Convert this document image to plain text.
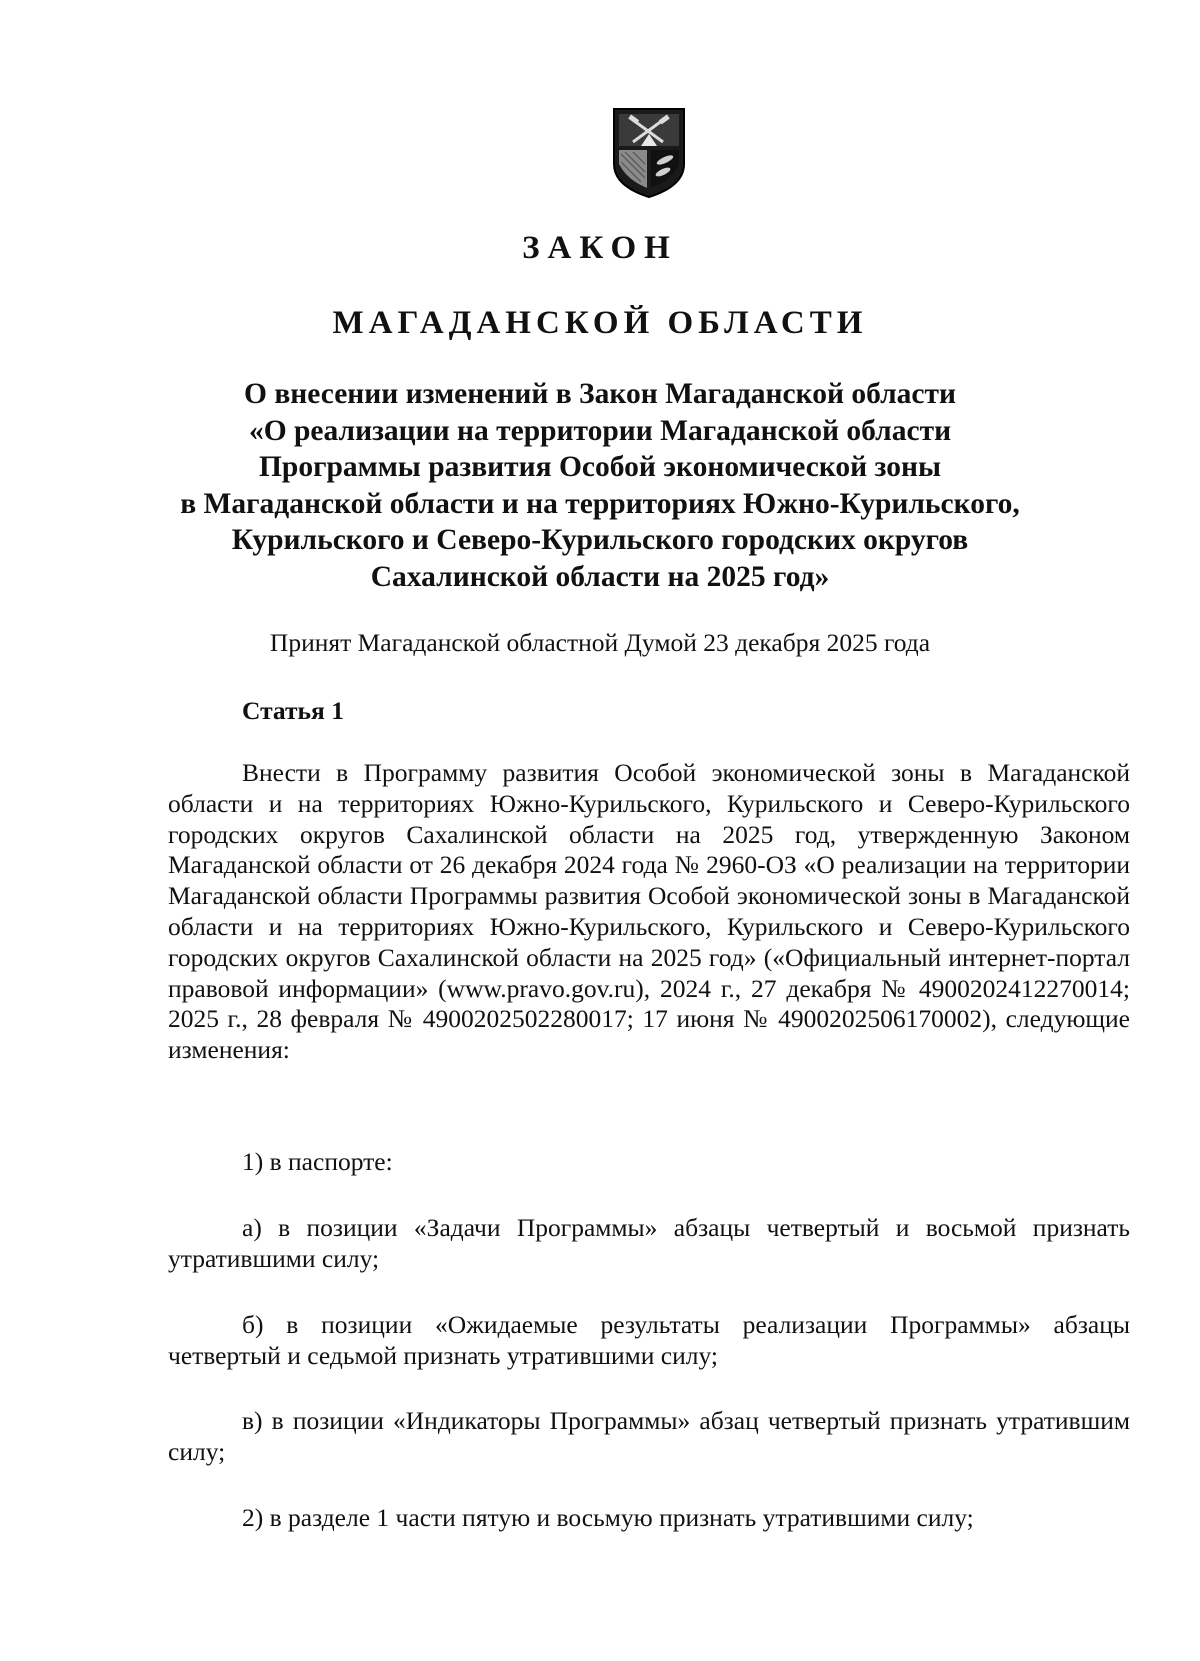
ЗАКОН
МАГАДАНСКОЙ ОБЛАСТИ
О внесении изменений в Закон Магаданской области
«О реализации на территории Магаданской области
Программы развития Особой экономической зоны
в Магаданской области и на территориях Южно-Курильского,
Курильского и Северо-Курильского городских округов
Сахалинской области на 2025 год»
Принят Магаданской областной Думой 23 декабря 2025 года
Статья 1

Внести в Программу развития Особой экономической зоны в Магаданской области и на территориях Южно-Курильского, Курильского и Северо-Курильского городских округов Сахалинской области на 2025 год, утвержденную Законом Магаданской области от 26 декабря 2024 года № 2960-ОЗ «О реализации на территории Магаданской области Программы развития Особой экономической зоны в Магаданской области и на территориях Южно-Курильского, Курильского и Северо-Курильского городских округов Сахалинской области на 2025 год» («Официальный интернет-портал правовой информации» (www.pravo.gov.ru), 2024 г., 27 декабря № 4900202412270014; 2025 г., 28 февраля № 4900202502280017; 17 июня № 4900202506170002), следующие изменения:

1) в паспорте:

а) в позиции «Задачи Программы» абзацы четвертый и восьмой признать утратившими силу;

б) в позиции «Ожидаемые результаты реализации Программы» абзацы четвертый и седьмой признать утратившими силу;

в) в позиции «Индикаторы Программы» абзац четвертый признать утратившим силу;

2) в разделе 1 части пятую и восьмую признать утратившими силу;
